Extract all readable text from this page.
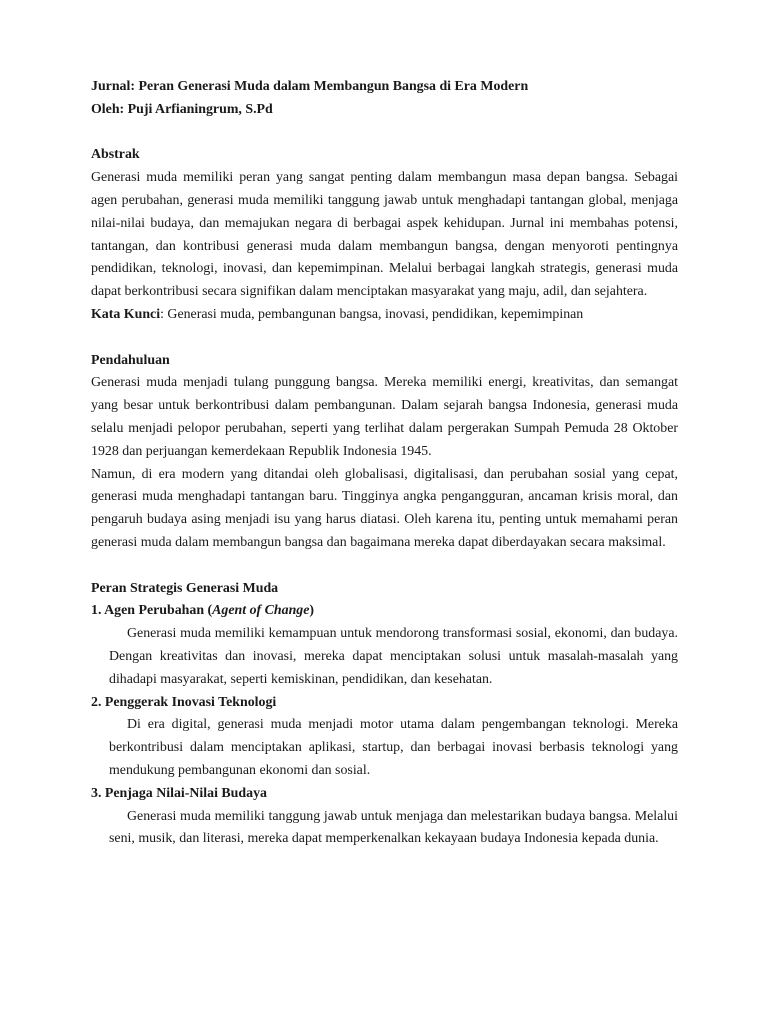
Jurnal: Peran Generasi Muda dalam Membangun Bangsa di Era Modern

Oleh: Puji Arfianingrum, S.Pd

Abstrak

Generasi muda memiliki peran yang sangat penting dalam membangun masa depan bangsa. Sebagai agen perubahan, generasi muda memiliki tanggung jawab untuk menghadapi tantangan global, menjaga nilai-nilai budaya, dan memajukan negara di berbagai aspek kehidupan. Jurnal ini membahas potensi, tantangan, dan kontribusi generasi muda dalam membangun bangsa, dengan menyoroti pentingnya pendidikan, teknologi, inovasi, dan kepemimpinan. Melalui berbagai langkah strategis, generasi muda dapat berkontribusi secara signifikan dalam menciptakan masyarakat yang maju, adil, dan sejahtera.

Kata Kunci: Generasi muda, pembangunan bangsa, inovasi, pendidikan, kepemimpinan

Pendahuluan

Generasi muda menjadi tulang punggung bangsa. Mereka memiliki energi, kreativitas, dan semangat yang besar untuk berkontribusi dalam pembangunan. Dalam sejarah bangsa Indonesia, generasi muda selalu menjadi pelopor perubahan, seperti yang terlihat dalam pergerakan Sumpah Pemuda 28 Oktober 1928 dan perjuangan kemerdekaan Republik Indonesia 1945.

Namun, di era modern yang ditandai oleh globalisasi, digitalisasi, dan perubahan sosial yang cepat, generasi muda menghadapi tantangan baru. Tingginya angka pengangguran, ancaman krisis moral, dan pengaruh budaya asing menjadi isu yang harus diatasi. Oleh karena itu, penting untuk memahami peran generasi muda dalam membangun bangsa dan bagaimana mereka dapat diberdayakan secara maksimal.

Peran Strategis Generasi Muda

1. Agen Perubahan (Agent of Change)

Generasi muda memiliki kemampuan untuk mendorong transformasi sosial, ekonomi, dan budaya. Dengan kreativitas dan inovasi, mereka dapat menciptakan solusi untuk masalah-masalah yang dihadapi masyarakat, seperti kemiskinan, pendidikan, dan kesehatan.

2. Penggerak Inovasi Teknologi

Di era digital, generasi muda menjadi motor utama dalam pengembangan teknologi. Mereka berkontribusi dalam menciptakan aplikasi, startup, dan berbagai inovasi berbasis teknologi yang mendukung pembangunan ekonomi dan sosial.

3. Penjaga Nilai-Nilai Budaya

Generasi muda memiliki tanggung jawab untuk menjaga dan melestarikan budaya bangsa. Melalui seni, musik, dan literasi, mereka dapat memperkenalkan kekayaan budaya Indonesia kepada dunia.
